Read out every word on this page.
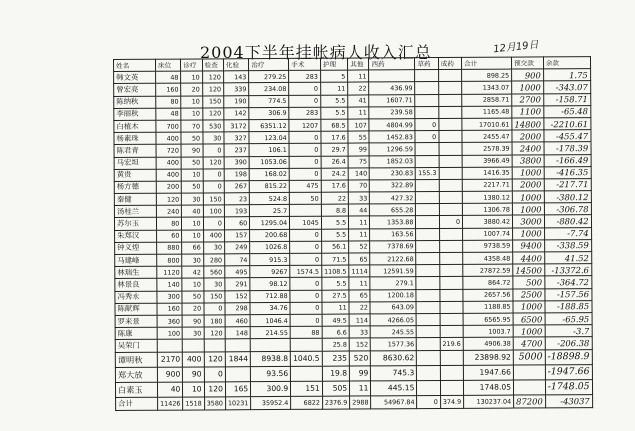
2004下半年挂帐病人收入汇总	12月19日
姓名	床位	诊疗	检查	化验	治疗	手术	护理	其他	西药	草药	成药	合计	预交款	余款
韩文英	48	10	120	143	279.25	283	5	11				898.25	900	1.75
曾宏亮	160	20	120	339	234.08	0	11	22	436.99			1343.07	1000	-343.07
陈纳秋	80	10	150	190	774.5	0	5.5	41	1607.71			2858.71	2700	-158.71
李丽秋	48	10	120	142	306.9	283	5.5	11	239.58			1165.48	1100	-65.48
白植木	700	70	530	3172	6351.12	1207	68.5	107	4804.99	0		17010.61	14800	-2210.61
杨素珠	400	50	30	327	123.04	0	17.6	55	1452.83	0		2455.47	2000	-455.47
陈君青	720	90	0	237	106.1	0	29.7	99	1296.59			2578.39	2400	-178.39
马宏坦	400	50	120	390	1053.06	0	26.4	75	1852.03			3966.49	3800	-166.49
黄贵	400	10	0	198	168.02	0	24.2	140	230.83	155.3		1416.35	1000	-416.35
杨方德	200	50	0	267	815.22	475	17.6	70	322.89			2217.71	2000	-217.71
秦健	120	30	150	23	524.8	50	22	33	427.32			1380.12	1000	-380.12
汤桂兰	240	40	100	193	25.7		8.8	44	655.28			1306.78	1000	-306.78
苏尔玉	80	10	0	60	1295.04	1045	5.5	11	1353.88		0	3880.42	3000	-880.42
朱郑汉	60	10	400	157	200.68	0	5.5	11	163.56			1007.74	1000	-7.74
钟义煌	880	66	30	249	1026.8	0	56.1	52	7378.69			9738.59	9400	-338.59
马建峰	800	30	280	74	915.3	0	71.5	65	2122.68			4358.48	4400	41.52
林瑞生	1120	42	560	495	9267	1574.5	1108.5	1114	12591.59			27872.59	14500	-13372.6
林景良	140	10	30	291	98.12	0	5.5	11	279.1			864.72	500	-364.72
冯秀永	300	50	150	152	712.88	0	27.5	65	1200.18			2657.56	2500	-157.56
陈献辉	160	20	0	298	34.76	0	11	22	643.09			1188.85	1000	-188.85
罗来景	360	90	180	460	1046.4	0	49.5	114	4266.05			6565.95	6500	-65.95
陈康	100	30	120	148	214.55	88	6.6	33	245.55			1003.7	1000	-3.7
吴荣门							25.8	152	1577.36		219.6	4906.38	4700	-206.38
谭明秋	2170	400	120	1844	8938.8	1040.5	235	520	8630.62			23898.92	5000	-18898.9
郑大放	900	90	0		93.56		19.8	99	745.3			1947.66		-1947.66
白素玉	40	10	120	165	300.9	151	505	11	445.15			1748.05		-1748.05
合计	11426	1518	3580	10231	35952.4	6822	2376.9	2988	54967.84	0	374.9	130237.04	87200	-43037
